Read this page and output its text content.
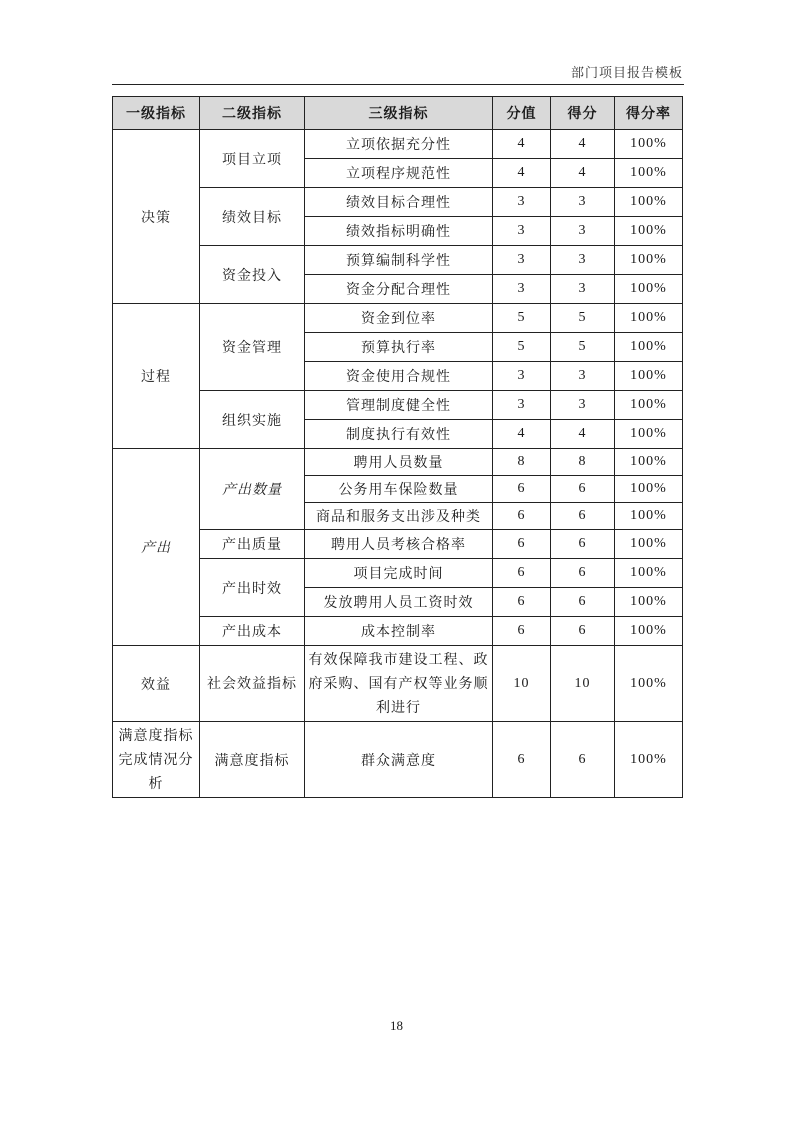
部门项目报告模板
一级指标	二级指标	三级指标	分值	得分	得分率
决策	项目立项	立项依据充分性	4	4	100%
		立项程序规范性	4	4	100%
	绩效目标	绩效目标合理性	3	3	100%
		绩效指标明确性	3	3	100%
	资金投入	预算编制科学性	3	3	100%
		资金分配合理性	3	3	100%
过程	资金管理	资金到位率	5	5	100%
		预算执行率	5	5	100%
		资金使用合规性	3	3	100%
	组织实施	管理制度健全性	3	3	100%
		制度执行有效性	4	4	100%
产出	产出数量	聘用人员数量	8	8	100%
		公务用车保险数量	6	6	100%
		商品和服务支出涉及种类	6	6	100%
	产出质量	聘用人员考核合格率	6	6	100%
	产出时效	项目完成时间	6	6	100%
		发放聘用人员工资时效	6	6	100%
	产出成本	成本控制率	6	6	100%
效益	社会效益指标	有效保障我市建设工程、政府采购、国有产权等业务顺利进行	10	10	100%
满意度指标完成情况分析	满意度指标	群众满意度	6	6	100%
18
